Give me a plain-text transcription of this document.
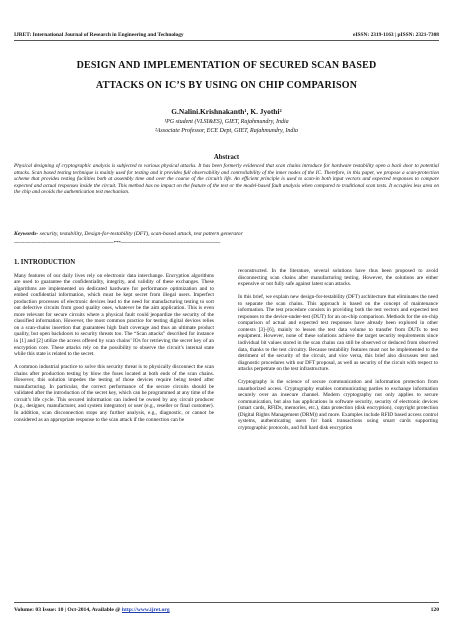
IJRET: International Journal of Research in Engineering and Technology	eISSN: 2319-1163 | pISSN: 2321-7308
DESIGN AND IMPLEMENTATION OF SECURED SCAN BASED
ATTACKS ON IC’S BY USING ON CHIP COMPARISON
G.Nalini.Krishnakanth¹, K. Jyothi²
¹PG student (VLSI&ES), GIET, Rajahmundry, India
²Associate Professor, ECE Dept, GIET, Rajahmundry, India
Abstract

Physical designing of cryptographic analysis is subjected to various physical attacks. It has been formerly evidenced that scan chains introduce for hardware testability open a back door to potential attacks. Scan based testing technique is mainly used for testing and it provides full observability and controllability of the inner nodes of the IC. Therefore, in this paper, we propose a scan-protection scheme that provides testing facilities both at assembly time and over the course of the circuit’s life. An efficient principle is used to scan-in both input vectors and expected responses to compare expected and actual responses inside the circuit. This method has no impact on the feature of the test or the model-based fault analysis when compared to traditional scan tests. It occupies less area on the chip and avoids the authentication test mechanism.

Keywords- security, testability, Design-for-testability (DFT), scan-based attack, test pattern generator

--------------------------------------------------------------------***--------------------------------------------------------------------
1. INTRODUCTION

Many features of our daily lives rely on electronic data interchange. Encryption algorithms are used to guarantee the confidentiality, integrity, and validity of these exchanges. These algorithms are implemented on dedicated hardware for performance optimization and to embed confidential information, which must be kept secret from illegal users. Imperfect production processes of electronic devices lead to the need for manufacturing testing to sort out defective circuits from good quality ones, whatever be the aim application. This is even more relevant for secure circuits where a physical fault could jeopardize the security of the classified information. However, the most common practice for testing digital devices relies on a scan-chains insertion that guarantees high fault coverage and thus an ultimate product quality, but open backdoors to security threats too. The “Scan attacks” described for instance in [1] and [2] utilize the access offered by scan chains’ IOs for retrieving the secret key of an encryption core. These attacks rely on the possibility to observe the circuit’s internal state while this state is related to the secret.

A common industrial practice to solve this security threat is to physically disconnect the scan chains after production testing by blow the fuses located at both ends of the scan chains. However, this solution impedes the testing of those devices require being tested after manufacturing. In particular, the correct performance of the secure circuits should be validated after the introduction of the secret key, which can be programmed at any time of the circuit’s life cycle. This secured information can indeed be owned by any circuit producer (e.g., designer, manufacturer, and system integrator) or user (e.g., reseller or final customer). In addition, scan disconnection stops any further analysis, e.g., diagnostic, or cannot be considered as an appropriate response to the scan attack if the connection can be

reconstructed. In the literature, several solutions have thus been proposed to avoid disconnecting scan chains after manufacturing testing. However, the solutions are either expensive or not fully safe against latest scan attacks.

In this brief, we explain new design-for-testability (DFT) architecture that eliminates the need to separate the scan chains. This approach is based on the concept of maintenance information. The test procedure consists in providing both the test vectors and expected test responses to the device-under-test (DUT) for an on-chip comparison. Methods for the on-chip comparison of actual and expected test responses have already been explored in other contexts [3]–[6], mainly to lessen the test data volume to transfer from DUTs to test equipment. However, none of these solutions achieve the target security requirements since individual bit values stored in the scan chains can still be observed or deduced from observed data, thanks to the test circuitry. Because testability features must not be implemented to the detriment of the security of the circuit, and vice versa, this brief also discusses test and diagnostic procedures with our DFT proposal, as well as security of the circuit with respect to attacks perpetrate on the test infrastructure.

Cryptography is the science of secure communication and information protection from unauthorized access. Cryptography enables communicating parties to exchange information securely over an insecure channel. Modern cryptography not only applies to secure communication, but also has applications in software security, security of electronic devices (smart cards, RFIDs, memories, etc.), data protection (disk encryption), copyright protection (Digital Rights Management (DRM)) and more. Examples include RFID based access control systems, authenticating users for bank transactions using smart cards supporting cryptographic protocols, and full hard disk encryption

Volume: 03 Issue: 10 | Oct-2014, Available @ http://www.ijret.org	120
